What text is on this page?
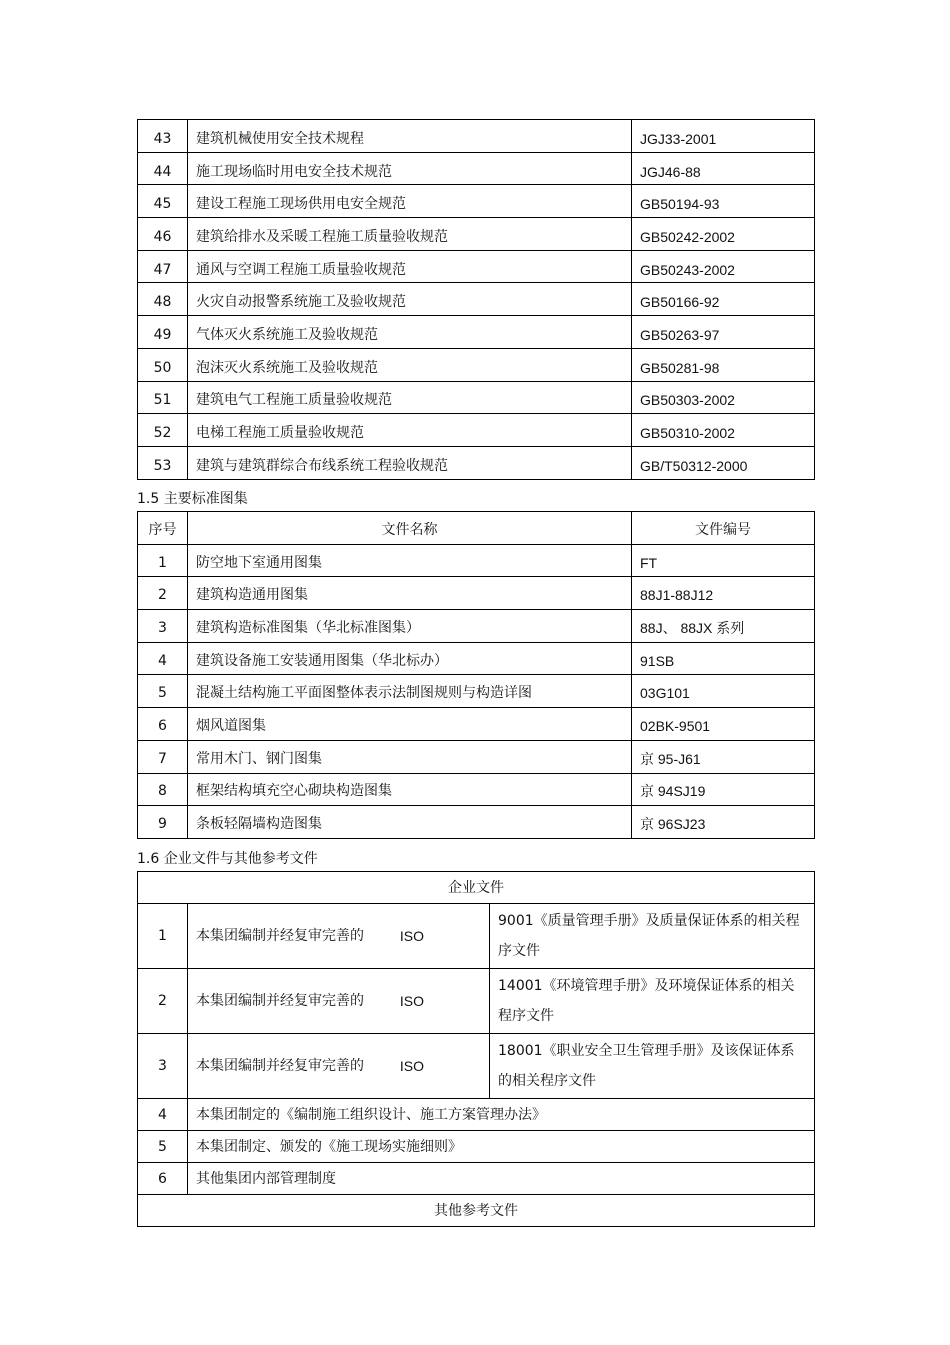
43	建筑机械使用安全技术规程	JGJ33-2001
44	施工现场临时用电安全技术规范	JGJ46-88
45	建设工程施工现场供用电安全规范	GB50194-93
46	建筑给排水及采暖工程施工质量验收规范	GB50242-2002
47	通风与空调工程施工质量验收规范	GB50243-2002
48	火灾自动报警系统施工及验收规范	GB50166-92
49	气体灭火系统施工及验收规范	GB50263-97
50	泡沫灭火系统施工及验收规范	GB50281-98
51	建筑电气工程施工质量验收规范	GB50303-2002
52	电梯工程施工质量验收规范	GB50310-2002
53	建筑与建筑群综合布线系统工程验收规范	GB/T50312-2000
1.5 主要标准图集
序号	文件名称	文件编号
1	防空地下室通用图集	FT
2	建筑构造通用图集	88J1-88J12
3	建筑构造标准图集（华北标准图集）	88J、 88JX 系列
4	建筑设备施工安装通用图集（华北标办）	91SB
5	混凝土结构施工平面图整体表示法制图规则与构造详图	03G101
6	烟风道图集	02BK-9501
7	常用木门、钢门图集	京 95-J61
8	框架结构填充空心砌块构造图集	京 94SJ19
9	条板轻隔墙构造图集	京 96SJ23
1.6 企业文件与其他参考文件
企业文件		
1	本集团编制并经复审完善的 ISO	9001《质量管理手册》及质量保证体系的相关程序文件
2	本集团编制并经复审完善的 ISO	14001《环境管理手册》及环境保证体系的相关程序文件
3	本集团编制并经复审完善的 ISO	18001《职业安全卫生管理手册》及该保证体系的相关程序文件
4	本集团制定的《编制施工组织设计、施工方案管理办法》	
5	本集团制定、颁发的《施工现场实施细则》	
6	其他集团内部管理制度	
其他参考文件		
